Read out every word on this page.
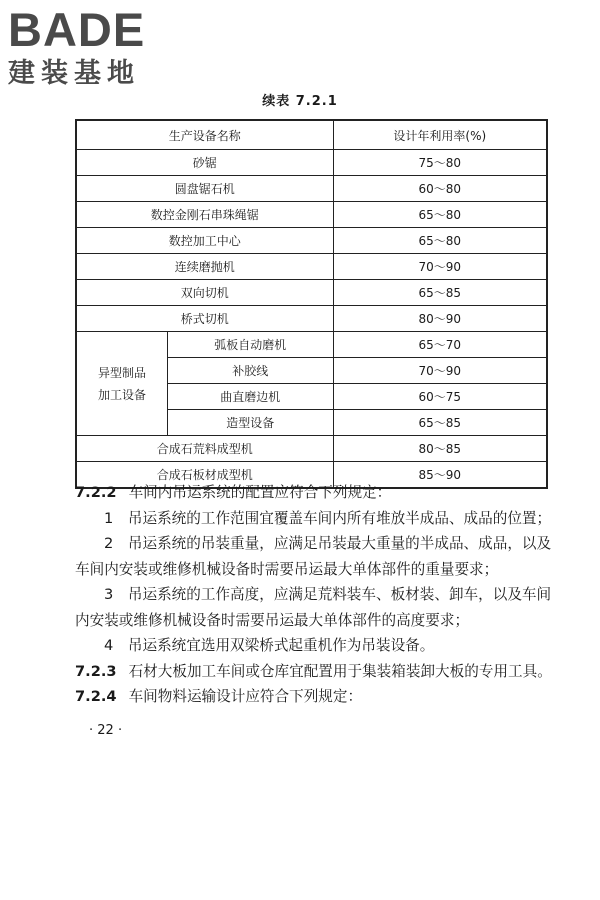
BADE
建装基地
续表 7.2.1
生产设备名称		设计年利用率(%)
砂锯		75～80
圆盘锯石机		60～80
数控金刚石串珠绳锯		65～80
数控加工中心		65～80
连续磨抛机		70～90
双向切机		65～85
桥式切机		80～90

异型制品
加工设备	弧板自动磨机	65～70
	补胶线	70～90
	曲直磨边机	60～75
	造型设备	65～85
合成石荒料成型机		80～85
合成石板材成型机		85～90

7.2.2 车间内吊运系统的配置应符合下列规定：

1　吊运系统的工作范围宜覆盖车间内所有堆放半成品、成品的位置；

2　吊运系统的吊装重量，应满足吊装最大重量的半成品、成品，以及车间内安装或维修机械设备时需要吊运最大单体部件的重量要求；

3　吊运系统的工作高度，应满足荒料装车、板材装、卸车，以及车间内安装或维修机械设备时需要吊运最大单体部件的高度要求；

4　吊运系统宜选用双梁桥式起重机作为吊装设备。

7.2.3 石材大板加工车间或仓库宜配置用于集装箱装卸大板的专用工具。

7.2.4 车间物料运输设计应符合下列规定：

· 22 ·
